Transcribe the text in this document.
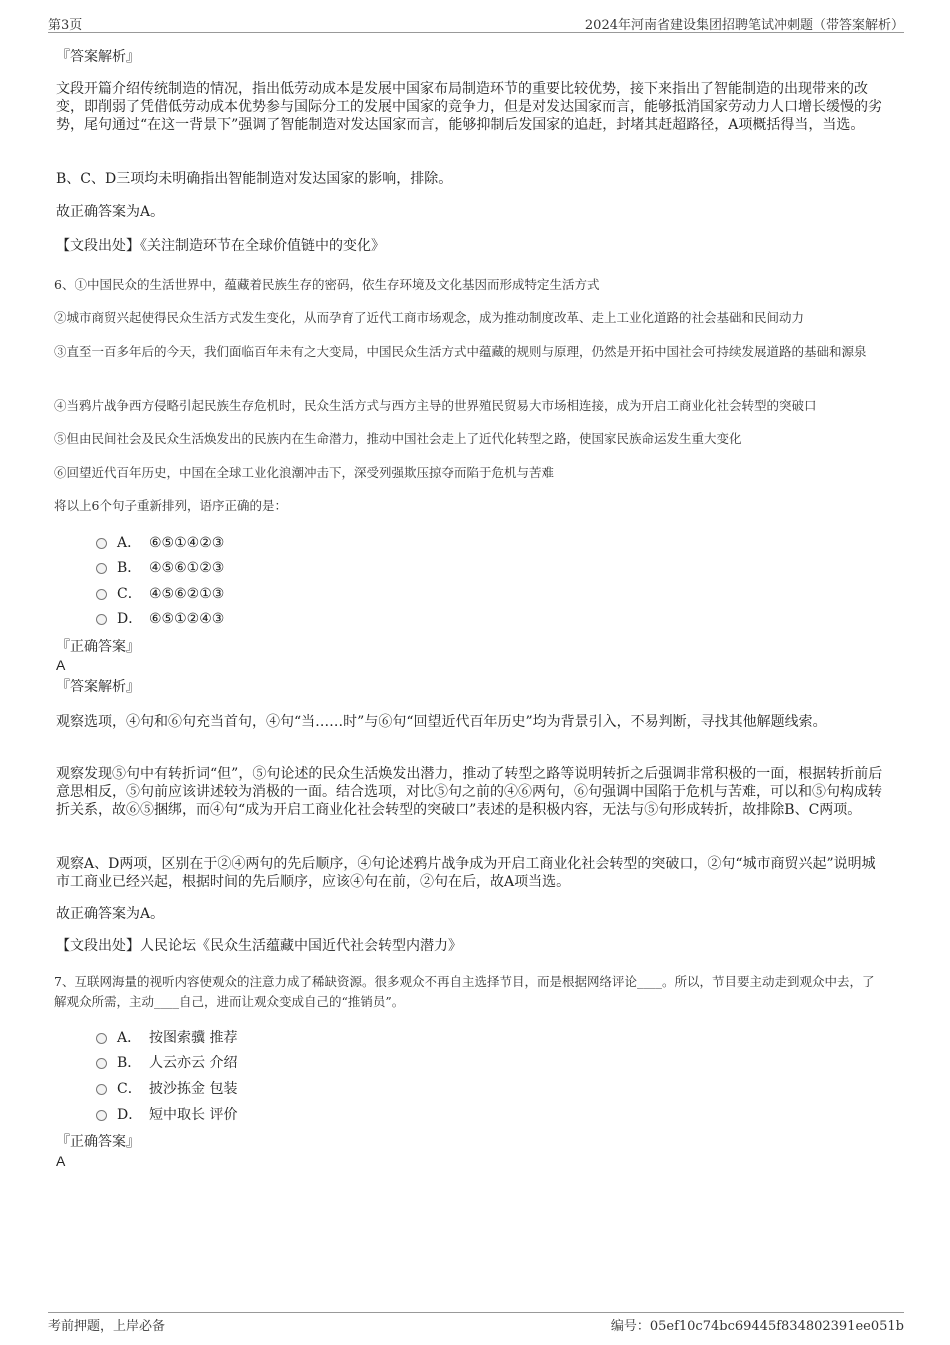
第3页	2024年河南省建设集团招聘笔试冲刺题（带答案解析）
『答案解析』
文段开篇介绍传统制造的情况，指出低劳动成本是发展中国家布局制造环节的重要比较优势，接下来指出了智能制造的出现带来的改变，即削弱了凭借低劳动成本优势参与国际分工的发展中国家的竞争力，但是对发达国家而言，能够抵消国家劳动力人口增长缓慢的劣势，尾句通过“在这一背景下”强调了智能制造对发达国家而言，能够抑制后发国家的追赶，封堵其赶超路径，A项概括得当，当选。
B、C、D三项均未明确指出智能制造对发达国家的影响，排除。
故正确答案为A。
【文段出处】《关注制造环节在全球价值链中的变化》
6、①中国民众的生活世界中，蕴藏着民族生存的密码，依生存环境及文化基因而形成特定生活方式
②城市商贸兴起使得民众生活方式发生变化，从而孕育了近代工商市场观念，成为推动制度改革、走上工业化道路的社会基础和民间动力
③直至一百多年后的今天，我们面临百年未有之大变局，中国民众生活方式中蕴藏的规则与原理，仍然是开拓中国社会可持续发展道路的基础和源泉
④当鸦片战争西方侵略引起民族生存危机时，民众生活方式与西方主导的世界殖民贸易大市场相连接，成为开启工商业化社会转型的突破口
⑤但由民间社会及民众生活焕发出的民族内在生命潜力，推动中国社会走上了近代化转型之路，使国家民族命运发生重大变化
⑥回望近代百年历史，中国在全球工业化浪潮冲击下，深受列强欺压掠夺而陷于危机与苦难
将以上6个句子重新排列，语序正确的是：
A． ⑥⑤①④②③
B． ④⑤⑥①②③
C． ④⑤⑥②①③
D． ⑥⑤①②④③
『正确答案』
A
『答案解析』
观察选项，④句和⑥句充当首句，④句“当……时”与⑥句“回望近代百年历史”均为背景引入，不易判断，寻找其他解题线索。
观察发现⑤句中有转折词“但”，⑤句论述的民众生活焕发出潜力，推动了转型之路等说明转折之后强调非常积极的一面，根据转折前后意思相反，⑤句前应该讲述较为消极的一面。结合选项，对比⑤句之前的④⑥两句，⑥句强调中国陷于危机与苦难，可以和⑤句构成转折关系，故⑥⑤捆绑，而④句“成为开启工商业化社会转型的突破口”表述的是积极内容，无法与⑤句形成转折，故排除B、C两项。
观察A、D两项，区别在于②④两句的先后顺序，④句论述鸦片战争成为开启工商业化社会转型的突破口，②句“城市商贸兴起”说明城市工商业已经兴起，根据时间的先后顺序，应该④句在前，②句在后，故A项当选。
故正确答案为A。
【文段出处】人民论坛《民众生活蕴藏中国近代社会转型内潜力》
7、互联网海量的视听内容使观众的注意力成了稀缺资源。很多观众不再自主选择节目，而是根据网络评论____。所以，节目要主动走到观众中去，了解观众所需，主动____自己，进而让观众变成自己的“推销员”。
A． 按图索骥 推荐
B． 人云亦云 介绍
C． 披沙拣金 包装
D． 短中取长 评价
『正确答案』
A
考前押题，上岸必备	编号：05ef10c74bc69445f834802391ee051b
